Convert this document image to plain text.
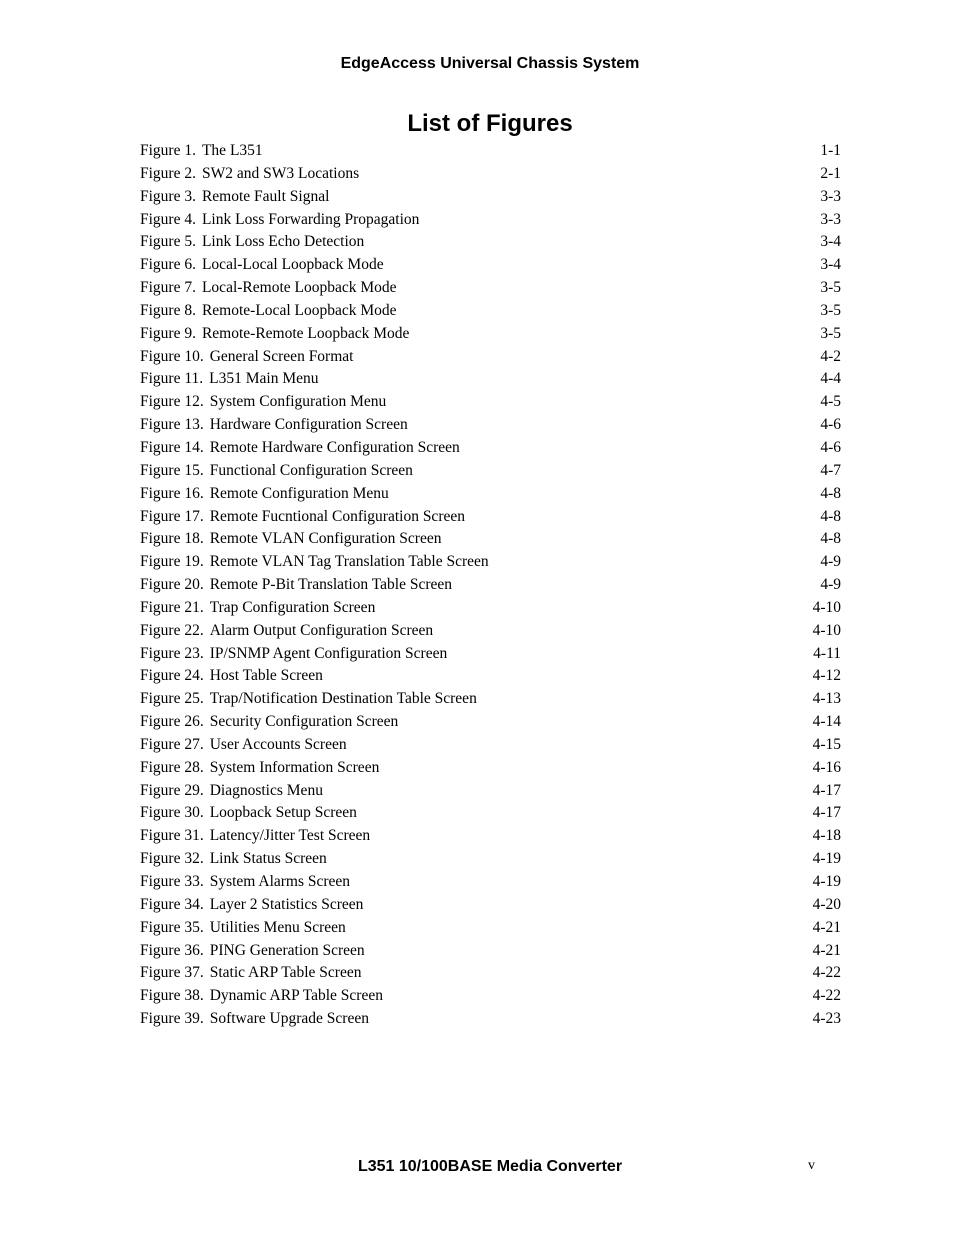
EdgeAccess Universal Chassis System
List of Figures
Figure 1. The L351	1-1
Figure 2. SW2 and SW3 Locations	2-1
Figure 3. Remote Fault Signal	3-3
Figure 4. Link Loss Forwarding Propagation	3-3
Figure 5. Link Loss Echo Detection	3-4
Figure 6. Local-Local Loopback Mode	3-4
Figure 7. Local-Remote Loopback Mode	3-5
Figure 8. Remote-Local Loopback Mode	3-5
Figure 9. Remote-Remote Loopback Mode	3-5
Figure 10. General Screen Format	4-2
Figure 11. L351 Main Menu	4-4
Figure 12. System Configuration Menu	4-5
Figure 13. Hardware Configuration Screen	4-6
Figure 14. Remote Hardware Configuration Screen	4-6
Figure 15. Functional Configuration Screen	4-7
Figure 16. Remote Configuration Menu	4-8
Figure 17. Remote Fucntional Configuration Screen	4-8
Figure 18. Remote VLAN Configuration Screen	4-8
Figure 19. Remote VLAN Tag Translation Table Screen	4-9
Figure 20. Remote P-Bit Translation Table Screen	4-9
Figure 21. Trap Configuration Screen	4-10
Figure 22. Alarm Output Configuration Screen	4-10
Figure 23. IP/SNMP Agent Configuration Screen	4-11
Figure 24. Host Table Screen	4-12
Figure 25. Trap/Notification Destination Table Screen	4-13
Figure 26. Security Configuration Screen	4-14
Figure 27. User Accounts Screen	4-15
Figure 28. System Information Screen	4-16
Figure 29. Diagnostics Menu	4-17
Figure 30. Loopback Setup Screen	4-17
Figure 31. Latency/Jitter Test Screen	4-18
Figure 32. Link Status Screen	4-19
Figure 33. System Alarms Screen	4-19
Figure 34. Layer 2 Statistics Screen	4-20
Figure 35. Utilities Menu Screen	4-21
Figure 36. PING Generation Screen	4-21
Figure 37. Static ARP Table Screen	4-22
Figure 38. Dynamic ARP Table Screen	4-22
Figure 39. Software Upgrade Screen	4-23
L351 10/100BASE Media Converter	v
